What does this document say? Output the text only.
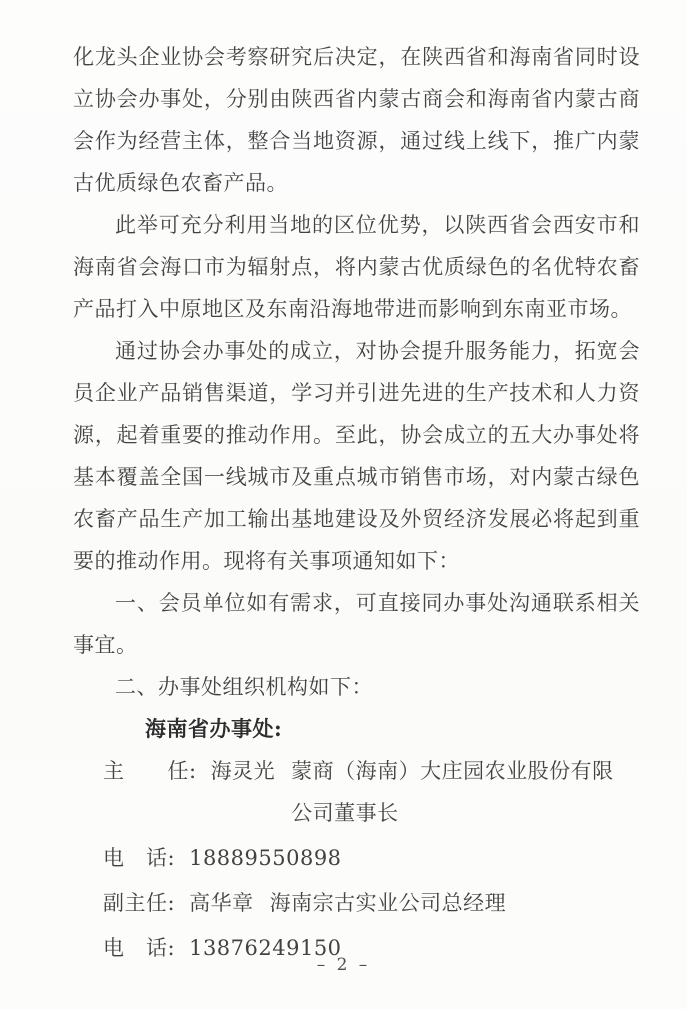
化龙头企业协会考察研究后决定，在陕西省和海南省同时设立协会办事处，分别由陕西省内蒙古商会和海南省内蒙古商会作为经营主体，整合当地资源，通过线上线下，推广内蒙古优质绿色农畜产品。

此举可充分利用当地的区位优势，以陕西省会西安市和海南省会海口市为辐射点，将内蒙古优质绿色的名优特农畜产品打入中原地区及东南沿海地带进而影响到东南亚市场。

通过协会办事处的成立，对协会提升服务能力，拓宽会员企业产品销售渠道，学习并引进先进的生产技术和人力资源，起着重要的推动作用。至此，协会成立的五大办事处将基本覆盖全国一线城市及重点城市销售市场，对内蒙古绿色农畜产品生产加工输出基地建设及外贸经济发展必将起到重要的推动作用。现将有关事项通知如下：

一、会员单位如有需求，可直接同办事处沟通联系相关事宜。

二、办事处组织机构如下：

海南省办事处:

主　　任: 海灵光 蒙商（海南）大庄园农业股份有限公司董事长
电　话: 18889550898
副主任: 高华章 海南宗古实业公司总经理
电　话: 13876249150
– 2 –
